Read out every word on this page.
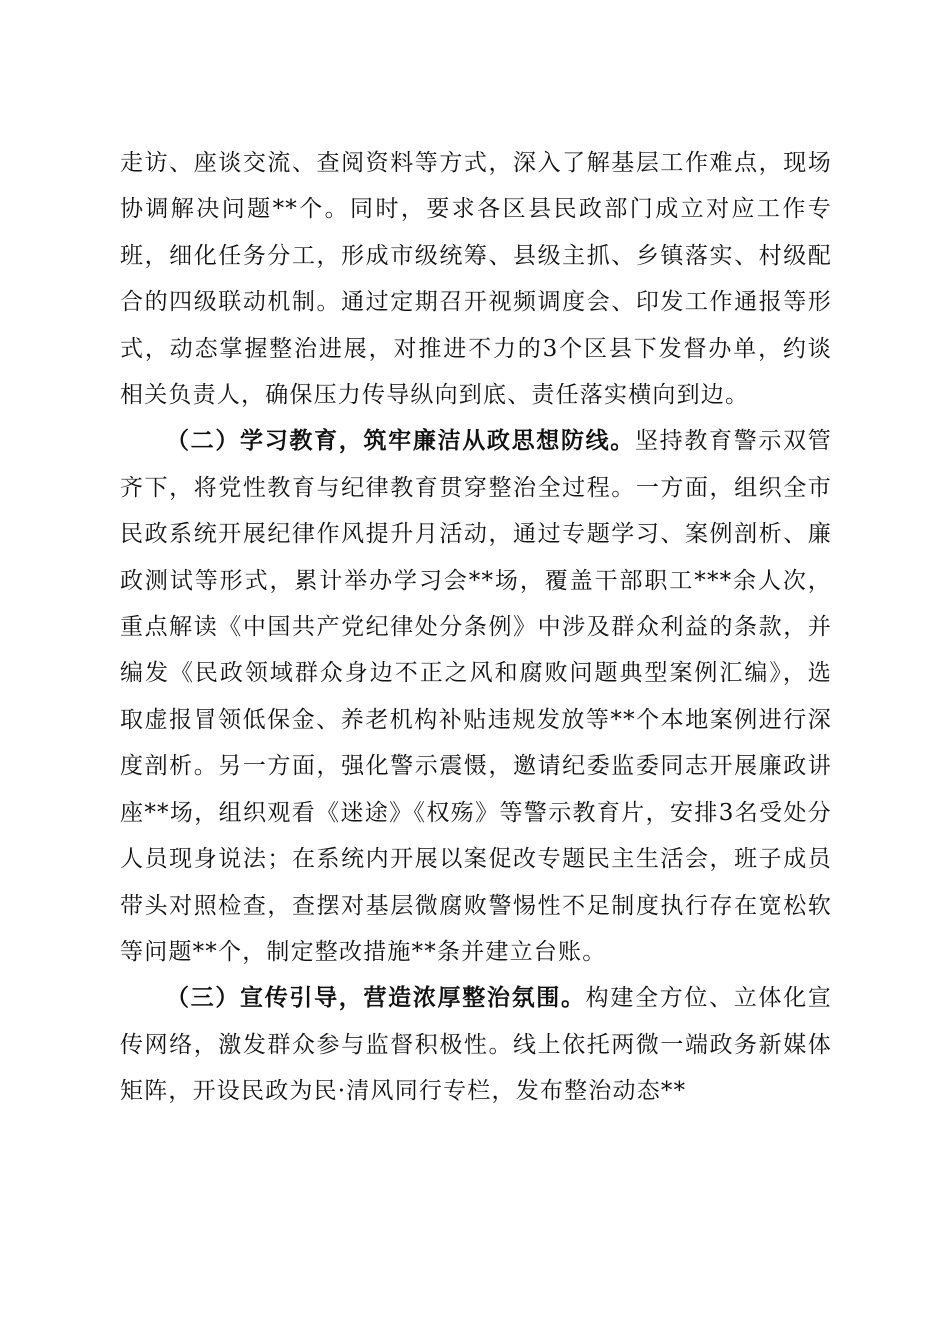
走访、座谈交流、查阅资料等方式，深入了解基层工作难点，现场协调解决问题**个。同时，要求各区县民政部门成立对应工作专班，细化任务分工，形成市级统筹、县级主抓、乡镇落实、村级配合的四级联动机制。通过定期召开视频调度会、印发工作通报等形式，动态掌握整治进展，对推进不力的3个区县下发督办单，约谈相关负责人，确保压力传导纵向到底、责任落实横向到边。

（二）学习教育，筑牢廉洁从政思想防线。坚持教育警示双管齐下，将党性教育与纪律教育贯穿整治全过程。一方面，组织全市民政系统开展纪律作风提升月活动，通过专题学习、案例剖析、廉政测试等形式，累计举办学习会**场，覆盖干部职工***余人次，重点解读《中国共产党纪律处分条例》中涉及群众利益的条款，并编发《民政领域群众身边不正之风和腐败问题典型案例汇编》，选取虚报冒领低保金、养老机构补贴违规发放等**个本地案例进行深度剖析。另一方面，强化警示震慑，邀请纪委监委同志开展廉政讲座**场，组织观看《迷途》《权殇》等警示教育片，安排3名受处分人员现身说法；在系统内开展以案促改专题民主生活会，班子成员带头对照检查，查摆对基层微腐败警惕性不足制度执行存在宽松软等问题**个，制定整改措施**条并建立台账。

（三）宣传引导，营造浓厚整治氛围。构建全方位、立体化宣传网络，激发群众参与监督积极性。线上依托两微一端政务新媒体矩阵，开设民政为民·清风同行专栏，发布整治动态**
